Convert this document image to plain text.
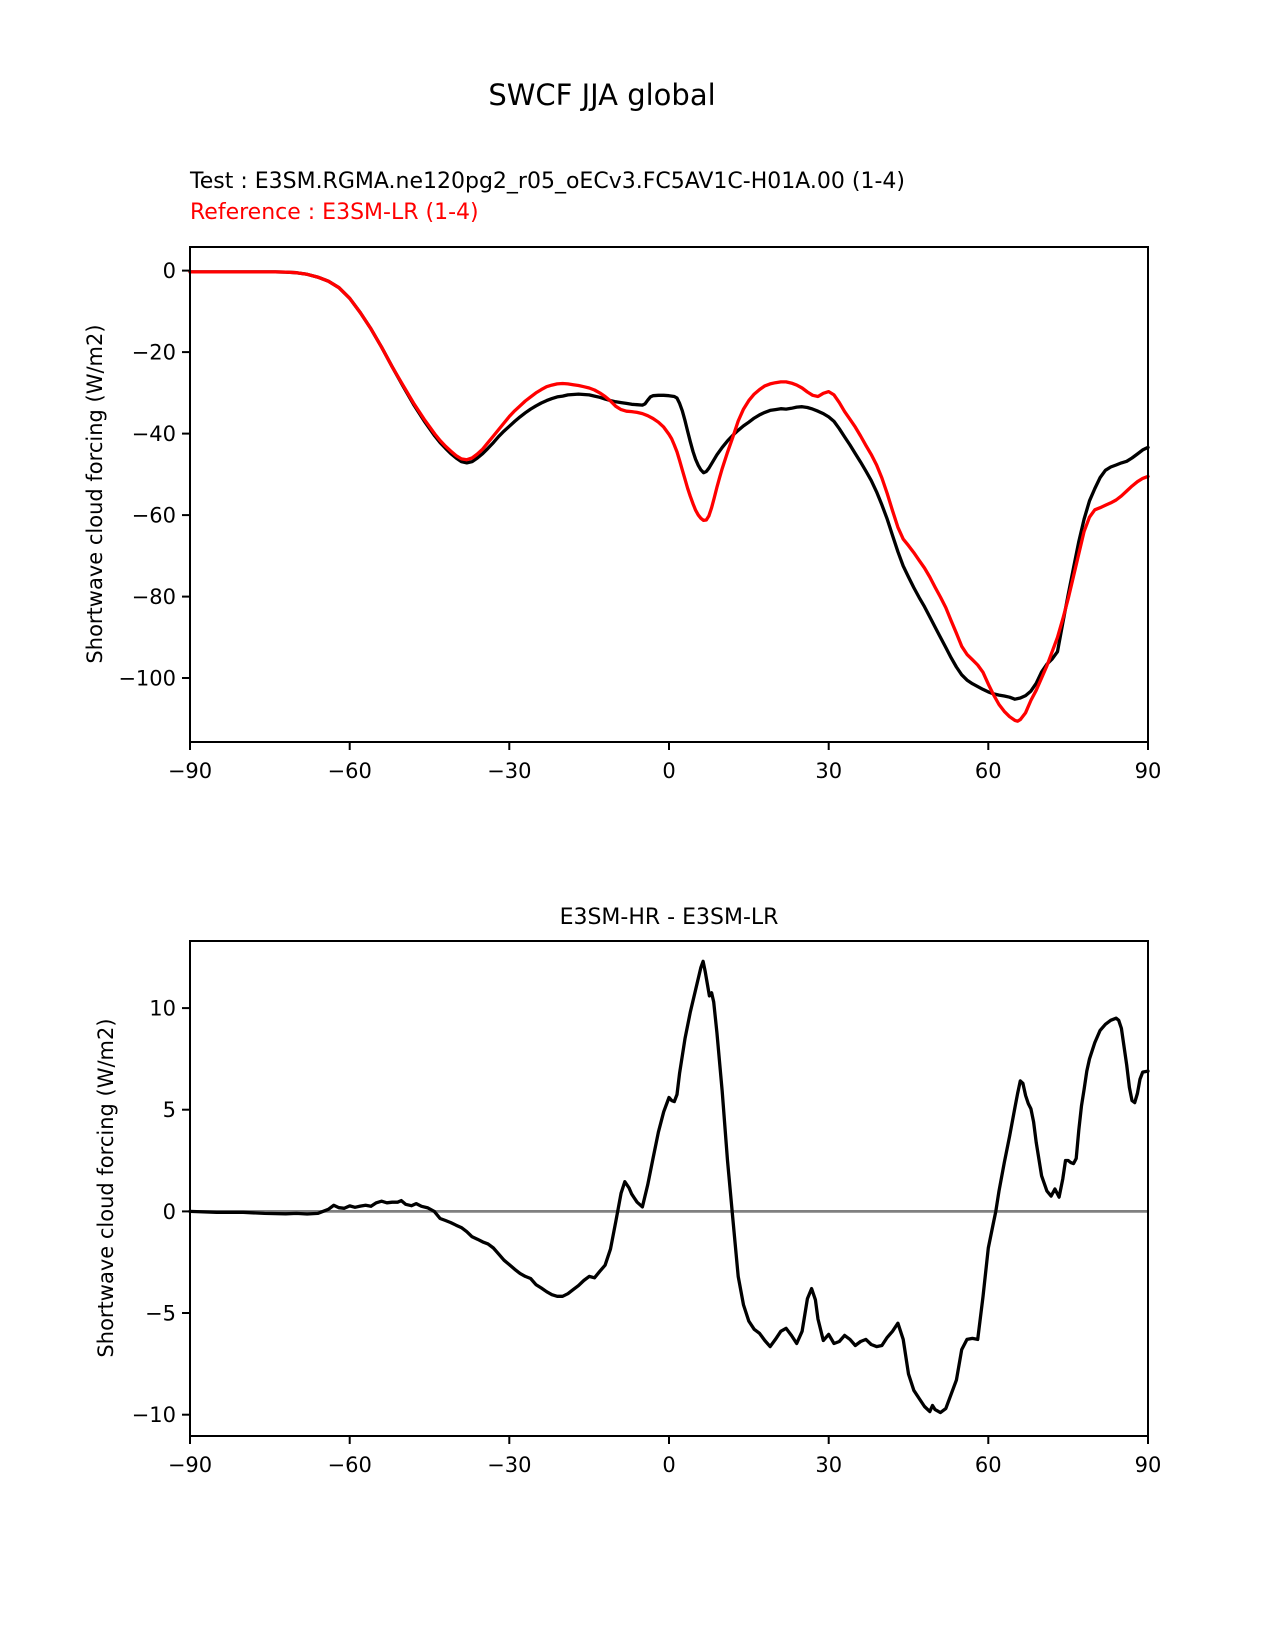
SWCF JJA global
Test : E3SM.RGMA.ne120pg2_r05_oECv3.FC5AV1C-H01A.00 (1-4)
Reference : E3SM-LR (1-4)
E3SM-HR - E3SM-LR
Shortwave cloud forcing (W/m2)
Shortwave cloud forcing (W/m2)
−90	−60	−30	0	30	60	90
0
−20
−40
−60
−80
−100
−90	−60	−30	0	30	60	90
10
5
0
−5
−10
